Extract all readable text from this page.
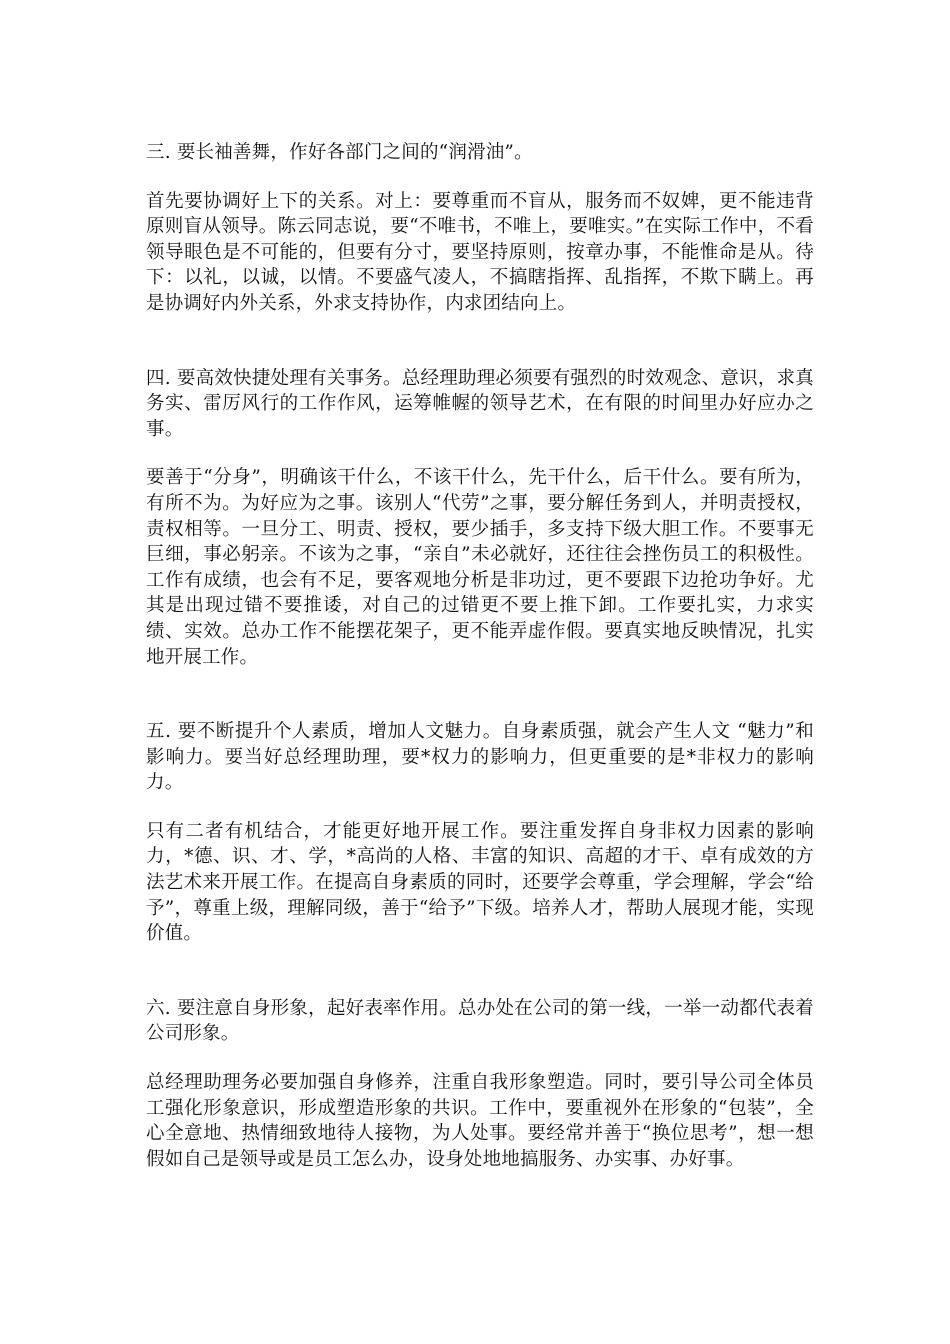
三. 要长袖善舞，作好各部门之间的“润滑油”。

首先要协调好上下的关系。对上：要尊重而不盲从，服务而不奴婢，更不能违背原则盲从领导。陈云同志说，要“不唯书，不唯上，要唯实。”在实际工作中，不看领导眼色是不可能的，但要有分寸，要坚持原则，按章办事，不能惟命是从。待下：以礼，以诚，以情。不要盛气凌人，不搞瞎指挥、乱指挥，不欺下瞒上。再是协调好内外关系，外求支持协作，内求团结向上。

四. 要高效快捷处理有关事务。总经理助理必须要有强烈的时效观念、意识，求真务实、雷厉风行的工作作风，运筹帷幄的领导艺术，在有限的时间里办好应办之事。

要善于“分身”，明确该干什么，不该干什么，先干什么，后干什么。要有所为，有所不为。为好应为之事。该别人“代劳”之事，要分解任务到人，并明责授权，责权相等。一旦分工、明责、授权，要少插手，多支持下级大胆工作。不要事无巨细，事必躬亲。不该为之事，“亲自”未必就好，还往往会挫伤员工的积极性。工作有成绩，也会有不足，要客观地分析是非功过，更不要跟下边抢功争好。尤其是出现过错不要推诿，对自己的过错更不要上推下卸。工作要扎实，力求实绩、实效。总办工作不能摆花架子，更不能弄虚作假。要真实地反映情况，扎实地开展工作。

五. 要不断提升个人素质，增加人文魅力。自身素质强，就会产生人文 “魅力”和影响力。要当好总经理助理，要*权力的影响力，但更重要的是*非权力的影响力。

只有二者有机结合，才能更好地开展工作。要注重发挥自身非权力因素的影响力，*德、识、才、学，*高尚的人格、丰富的知识、高超的才干、卓有成效的方法艺术来开展工作。在提高自身素质的同时，还要学会尊重，学会理解，学会“给予”，尊重上级，理解同级，善于“给予”下级。培养人才，帮助人展现才能，实现价值。

六. 要注意自身形象，起好表率作用。总办处在公司的第一线，一举一动都代表着公司形象。

总经理助理务必要加强自身修养，注重自我形象塑造。同时，要引导公司全体员工强化形象意识，形成塑造形象的共识。工作中，要重视外在形象的“包装”，全心全意地、热情细致地待人接物，为人处事。要经常并善于“换位思考”，想一想假如自己是领导或是员工怎么办，设身处地地搞服务、办实事、办好事。
